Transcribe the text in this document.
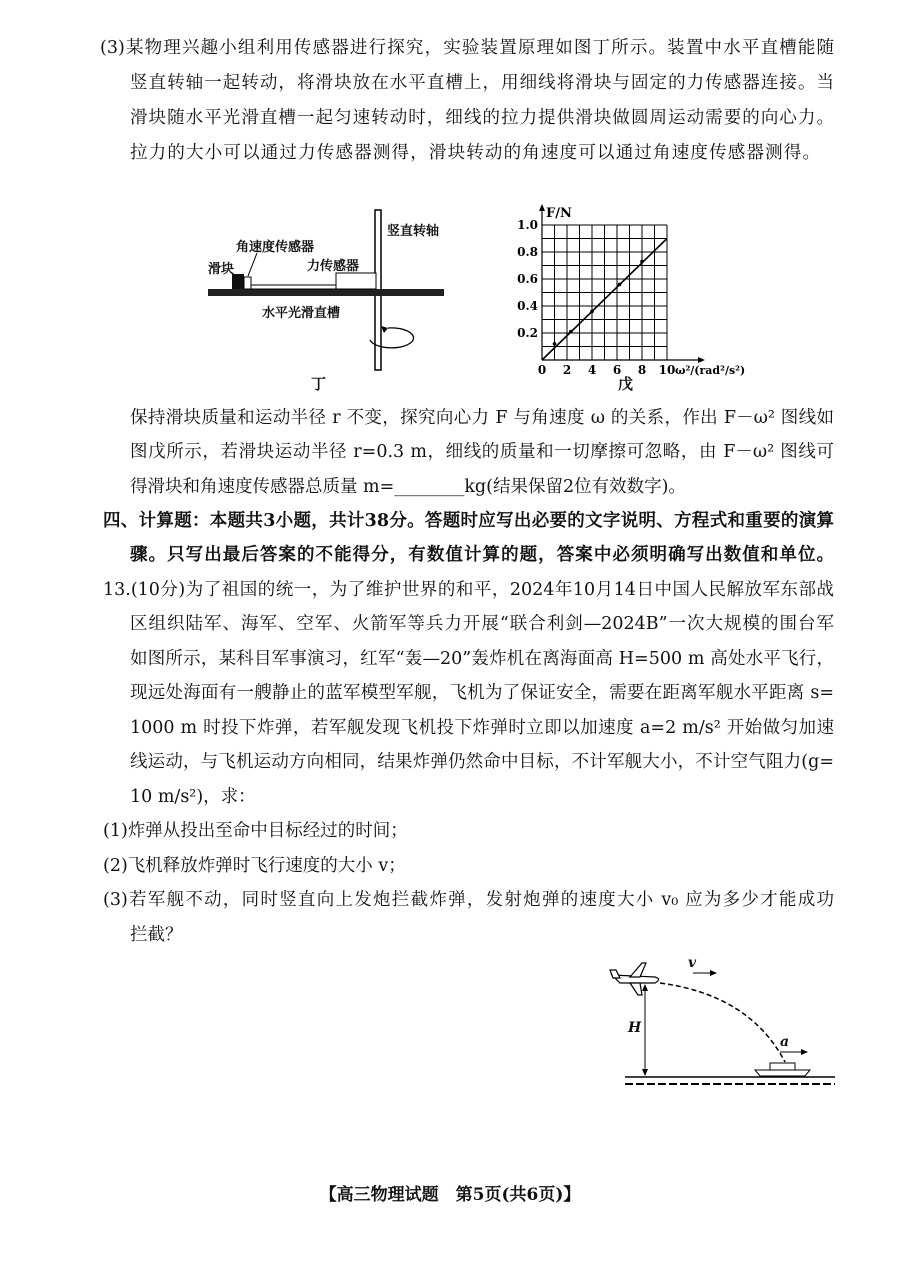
(3)某物理兴趣小组利用传感器进行探究，实验装置原理如图丁所示。装置中水平直槽能随
竖直转轴一起转动，将滑块放在水平直槽上，用细线将滑块与固定的力传感器连接。当
滑块随水平光滑直槽一起匀速转动时，细线的拉力提供滑块做圆周运动需要的向心力。
拉力的大小可以通过力传感器测得，滑块转动的角速度可以通过角速度传感器测得。
竖直转轴
角速度传感器
滑块	力传感器
水平光滑直槽
丁
0 2 4 6 8 10
0.2
0.4
0.6
0.8
1.0
F/N
ω²/(rad²/s²)
戊
保持滑块质量和运动半径 r 不变，探究向心力 F 与角速度 ω 的关系，作出 F－ω² 图线如
图戊所示，若滑块运动半径 r=0.3 m，细线的质量和一切摩擦可忽略，由 F－ω² 图线可
得滑块和角速度传感器总质量 m=________kg(结果保留2位有效数字)。
四、计算题：本题共3小题，共计38分。答题时应写出必要的文字说明、方程式和重要的演算
骤。只写出最后答案的不能得分，有数值计算的题，答案中必须明确写出数值和单位。
13.(10分)为了祖国的统一，为了维护世界的和平，2024年10月14日中国人民解放军东部战
区组织陆军、海军、空军、火箭军等兵力开展“联合利剑—2024B”一次大规模的围台军
如图所示，某科目军事演习，红军“轰—20”轰炸机在离海面高 H=500 m 高处水平飞行，
现远处海面有一艘静止的蓝军模型军舰，飞机为了保证安全，需要在距离军舰水平距离 s=
1000 m 时投下炸弹，若军舰发现飞机投下炸弹时立即以加速度 a=2 m/s² 开始做匀加速
线运动，与飞机运动方向相同，结果炸弹仍然命中目标，不计军舰大小，不计空气阻力(g=
10 m/s²)，求：
(1)炸弹从投出至命中目标经过的时间；
(2)飞机释放炸弹时飞行速度的大小 v；
(3)若军舰不动，同时竖直向上发炮拦截炸弹，发射炮弹的速度大小 v₀ 应为多少才能成功
拦截？
v
H
a
【高三物理试题　第5页(共6页)】
